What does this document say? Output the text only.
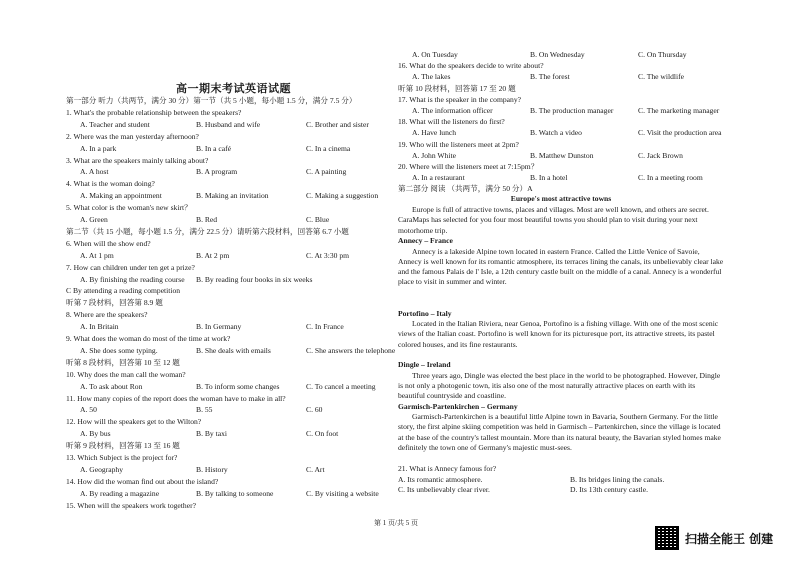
高一期末考试英语试题
第一部分 听力（共两节，满分 30 分）第一节（共 5 小题，每小题 1.5 分，满分 7.5 分）
1. What's the probable relationship between the speakers?
A. Teacher and student	B. Husband and wife	C. Brother and sister
2. Where was the man yesterday afternoon?
A. In a park	B. In a café	C. In a cinema
3. What are the speakers mainly talking about?
A. A host	B. A program	C. A painting
4. What is the woman doing?
A. Making an appointment	B. Making an invitation	C. Making a suggestion
5. What color is the woman's new skirt？
A. Green	B. Red	C. Blue
第二节（共 15 小题，每小题 1.5 分，满分 22.5 分）请听第六段材料，回答第 6.7 小题
6. When will the show end?
A. At 1 pm	B. At 2 pm	C. At 3:30 pm
7. How can children under ten get a prize?
A. By finishing the reading course B. By reading four books in six weeks
C By attending a reading competition
听第 7 段材料，回答第 8.9 题
8. Where are the speakers?
A. In Britain	B. In Germany	C. In France
9. What does the woman do most of the time at work?
A. She does some typing.	B. She deals with emails	C. She answers the telephone
听第 8 段材料，回答第 10 至 12 题
10. Why does the man call the woman?
A. To ask about Ron	B. To inform some changes	C. To cancel a meeting
11. How many copies of the report does the woman have to make in all?
A. 50	B. 55	C. 60
12. How will the speakers get to the Wilton?
A. By bus	B. By taxi	C. On foot
听第 9 段材料，回答第 13 至 16 题
13. Which Subject is the project for?
A. Geography	B. History	C. Art
14. How did the woman find out about the island?
A. By reading a magazine	B. By talking to someone	C. By visiting a website
15. When will the speakers work together?
A. On Tuesday	B. On Wednesday	C. On Thursday
16. What do the speakers decide to write about?
A. The lakes	B. The forest	C. The wildlife
听第 10 段材料，回答第 17 至 20 题
17. What is the speaker in the company?
A. The information officer	B. The production manager	C. The marketing manager
18. What will the listeners do first?
A. Have lunch	B. Watch a video	C. Visit the production area
19. Who will the listeners meet at 2pm?
A. John White	B. Matthew Dunston	C. Jack Brown
20. Where will the listeners meet at 7:15pm？
A. In a restaurant	B. In a hotel	C. In a meeting room
第二部分 阅读 （共两节，满分 50 分）A
Europe's most attractive towns
Europe is full of attractive towns, places and villages. Most are well known, and others are secret. CaraMaps has selected for you four most beautiful towns you should plan to visit during your next motorhome trip.
Annecy – France
Annecy is a lakeside Alpine town located in eastern France. Called the Little Venice of Savoie, Annecy is well known for its romantic atmosphere, its terraces lining the canals, its unbelievably clear lake and the famous Palais de l' Isle, a 12th century castle built on the middle of a canal. Annecy is a wonderful place to visit in summer and winter.
Portofino – Italy
Located in the Italian Riviera, near Genoa, Portofino is a fishing village. With one of the most scenic views of the Italian coast. Portofino is well known for its picturesque port, its attractive streets, its pastel colored houses, and its fine restaurants.
Dingle – Ireland
Three years ago, Dingle was elected the best place in the world to be photographed. However, Dingle is not only a photogenic town, itis also one of the most naturally attractive places on earth with its beautiful countryside and coastline.
Garmisch-Partenkirchen – Germany
Garmisch-Partenkirchen is a beautiful little Alpine town in Bavaria, Southern Germany. For the little story, the first alpine skiing competition was held in Garmisch – Partenkirchen, since the village is located at the base of the country's tallest mountain. More than its natural beauty, the Bavarian styled homes make definitely the town one of Germany's majestic must-sees.
21. What is Annecy famous for?
A. Its romantic atmosphere.	B. Its bridges lining the canals.
C. Its unbelievably clear river.	D. Its 13th century castle.
第 1 页/共 5 页
扫描全能王 创建
